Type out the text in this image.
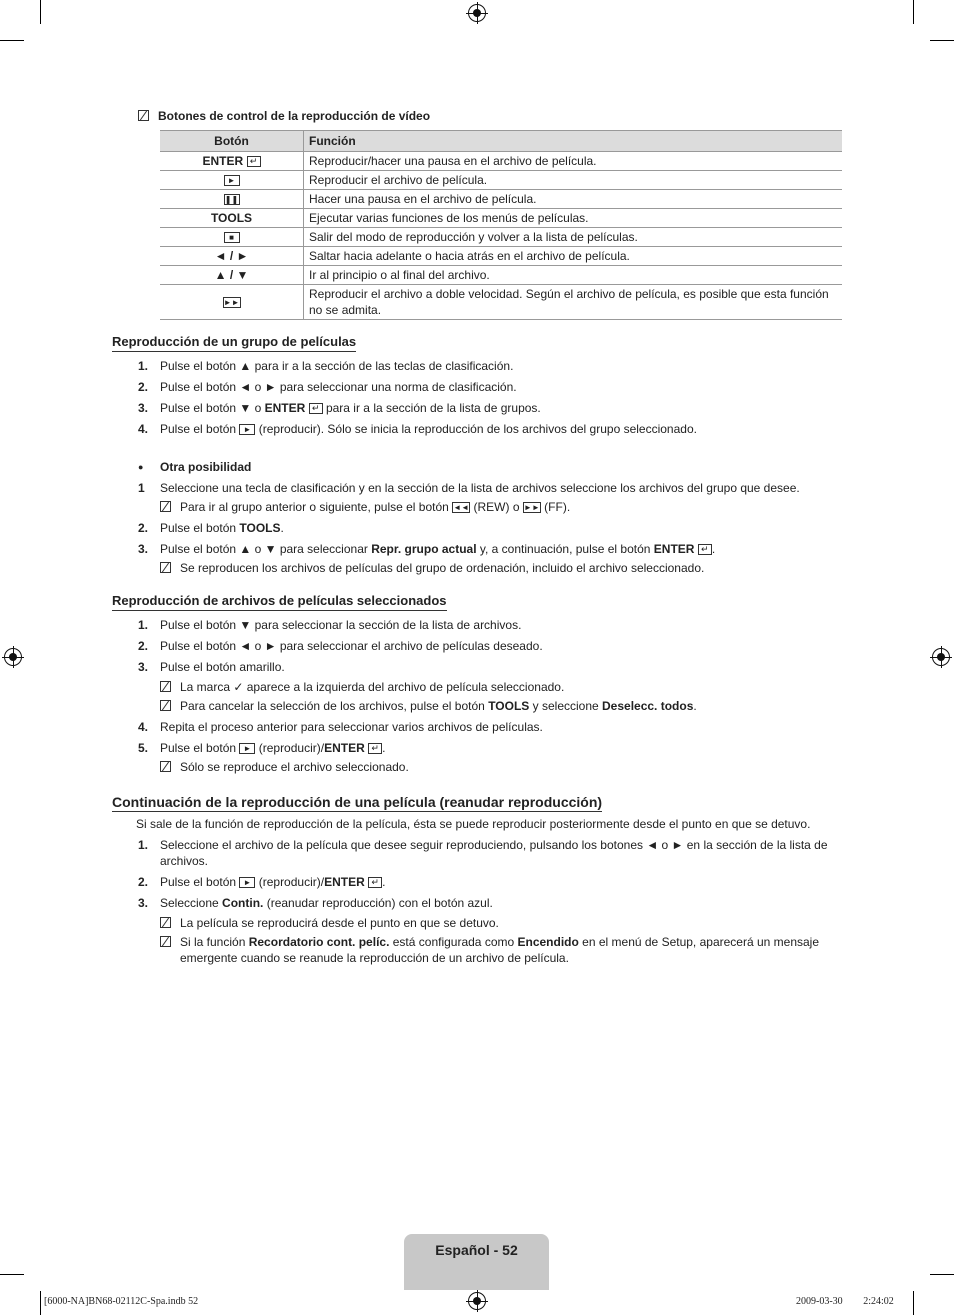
Botones de control de la reproducción de vídeo
Botón	Función
ENTER ↵	Reproducir/hacer una pausa en el archivo de película.
►	Reproducir el archivo de película.
❚❚	Hacer una pausa en el archivo de película.
TOOLS	Ejecutar varias funciones de los menús de películas.
■	Salir del modo de reproducción y volver a la lista de películas.
◄ / ►	Saltar hacia adelante o hacia atrás en el archivo de película.
▲ / ▼	Ir al principio o al final del archivo.
►►	Reproducir el archivo a doble velocidad. Según el archivo de película, es posible que esta función no se admita.
Reproducción de un grupo de películas
1. Pulse el botón ▲ para ir a la sección de las teclas de clasificación.
2. Pulse el botón ◄ o ► para seleccionar una norma de clasificación.
3. Pulse el botón ▼ o ENTER ↵ para ir a la sección de la lista de grupos.
4. Pulse el botón ► (reproducir). Sólo se inicia la reproducción de los archivos del grupo seleccionado.
●	Otra posibilidad
1	Seleccione una tecla de clasificación y en la sección de la lista de archivos seleccione los archivos del grupo que desee.
Para ir al grupo anterior o siguiente, pulse el botón ◄◄ (REW) o ►► (FF).
2. Pulse el botón TOOLS.
3. Pulse el botón ▲ o ▼ para seleccionar Repr. grupo actual y, a continuación, pulse el botón ENTER ↵ .
Se reproducen los archivos de películas del grupo de ordenación, incluido el archivo seleccionado.
Reproducción de archivos de películas seleccionados
1. Pulse el botón ▼ para seleccionar la sección de la lista de archivos.
2. Pulse el botón ◄ o ► para seleccionar el archivo de películas deseado.
3. Pulse el botón amarillo.
La marca ✓ aparece a la izquierda del archivo de película seleccionado.
Para cancelar la selección de los archivos, pulse el botón TOOLS y seleccione Deselecc. todos.
4. Repita el proceso anterior para seleccionar varios archivos de películas.
5. Pulse el botón ► (reproducir)/ENTER ↵ .
Sólo se reproduce el archivo seleccionado.
Continuación de la reproducción de una película (reanudar reproducción)
Si sale de la función de reproducción de la película, ésta se puede reproducir posteriormente desde el punto en que se detuvo.
1. Seleccione el archivo de la película que desee seguir reproduciendo, pulsando los botones ◄ o ► en la sección de la lista de archivos.
2. Pulse el botón ► (reproducir)/ENTER ↵ .
3. Seleccione Contin. (reanudar reproducción) con el botón azul.
La película se reproducirá desde el punto en que se detuvo.
Si la función Recordatorio cont. pelíc. está configurada como Encendido en el menú de Setup, aparecerá un mensaje emergente cuando se reanude la reproducción de un archivo de película.
Español - 52
[6000-NA]BN68-02112C-Spa.indb 52	2009-03-30 ￿￿ 2:24:02
